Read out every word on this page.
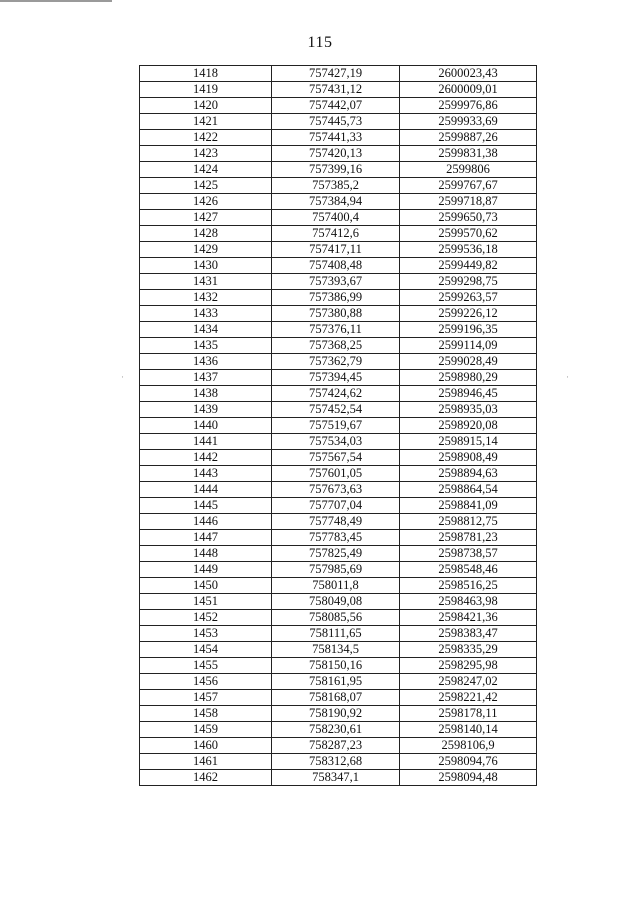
115
1418	757427,19	2600023,43
1419	757431,12	2600009,01
1420	757442,07	2599976,86
1421	757445,73	2599933,69
1422	757441,33	2599887,26
1423	757420,13	2599831,38
1424	757399,16	2599806
1425	757385,2	2599767,67
1426	757384,94	2599718,87
1427	757400,4	2599650,73
1428	757412,6	2599570,62
1429	757417,11	2599536,18
1430	757408,48	2599449,82
1431	757393,67	2599298,75
1432	757386,99	2599263,57
1433	757380,88	2599226,12
1434	757376,11	2599196,35
1435	757368,25	2599114,09
1436	757362,79	2599028,49
1437	757394,45	2598980,29
1438	757424,62	2598946,45
1439	757452,54	2598935,03
1440	757519,67	2598920,08
1441	757534,03	2598915,14
1442	757567,54	2598908,49
1443	757601,05	2598894,63
1444	757673,63	2598864,54
1445	757707,04	2598841,09
1446	757748,49	2598812,75
1447	757783,45	2598781,23
1448	757825,49	2598738,57
1449	757985,69	2598548,46
1450	758011,8	2598516,25
1451	758049,08	2598463,98
1452	758085,56	2598421,36
1453	758111,65	2598383,47
1454	758134,5	2598335,29
1455	758150,16	2598295,98
1456	758161,95	2598247,02
1457	758168,07	2598221,42
1458	758190,92	2598178,11
1459	758230,61	2598140,14
1460	758287,23	2598106,9
1461	758312,68	2598094,76
1462	758347,1	2598094,48
·	·
